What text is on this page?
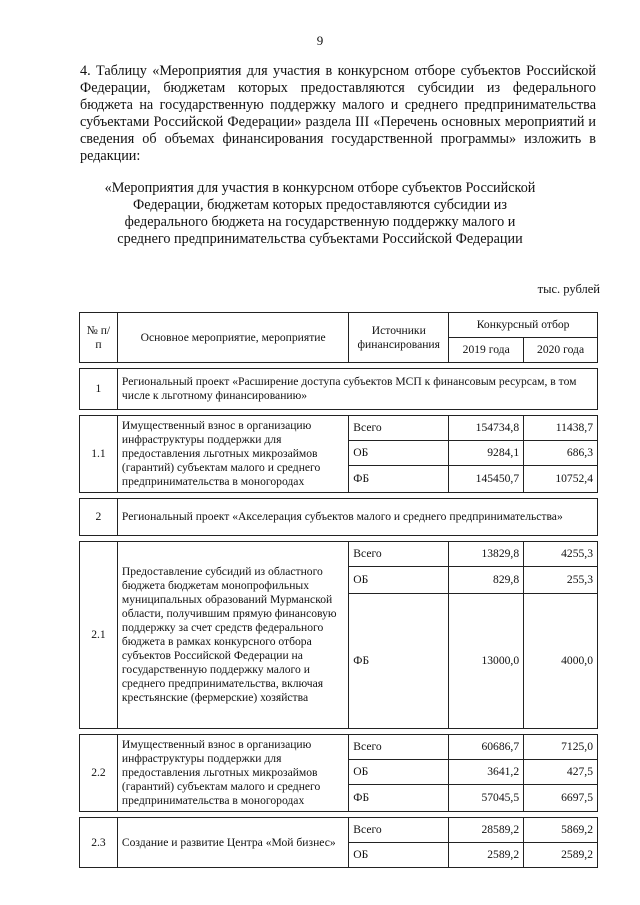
9
4. Таблицу «Мероприятия для участия в конкурсном отборе субъектов Российской Федерации, бюджетам которых предоставляются субсидии из федерального бюджета на государственную поддержку малого и среднего предпринимательства субъектами Российской Федерации» раздела III «Перечень основных мероприятий и сведения об объемах финансирования государственной программы» изложить в редакции:
«Мероприятия для участия в конкурсном отборе субъектов Российской Федерации, бюджетам которых предоставляются субсидии из федерального бюджета на государственную поддержку малого и среднего предпринимательства субъектами Российской Федерации
тыс. рублей
№ п/п	Основное мероприятие, мероприятие	Источники финансирования	Конкурсный отбор	
			2019 года	2020 года

1	Региональный проект «Расширение доступа субъектов МСП к финансовым ресурсам, в том числе к льготному финансированию»			

1.1	Имущественный взнос в организацию инфраструктуры поддержки для предоставления льготных микрозаймов (гарантий) субъектам малого и среднего предпринимательства в моногородах	Всего	154734,8	11438,7
		ОБ	9284,1	686,3
		ФБ	145450,7	10752,4

2	Региональный проект «Акселерация субъектов малого и среднего предпринимательства»			

2.1	Предоставление субсидий из областного бюджета бюджетам монопрофильных муниципальных образований Мурманской области, получившим прямую финансовую поддержку за счет средств федерального бюджета в рамках конкурсного отбора субъектов Российской Федерации на государственную поддержку малого и среднего предпринимательства, включая крестьянские (фермерские) хозяйства	Всего	13829,8	4255,3
		ОБ	829,8	255,3
		ФБ	13000,0	4000,0

2.2	Имущественный взнос в организацию инфраструктуры поддержки для предоставления льготных микрозаймов (гарантий) субъектам малого и среднего предпринимательства в моногородах	Всего	60686,7	7125,0
		ОБ	3641,2	427,5
		ФБ	57045,5	6697,5

2.3	Создание и развитие Центра «Мой бизнес»	Всего	28589,2	5869,2
		ОБ	2589,2	2589,2
